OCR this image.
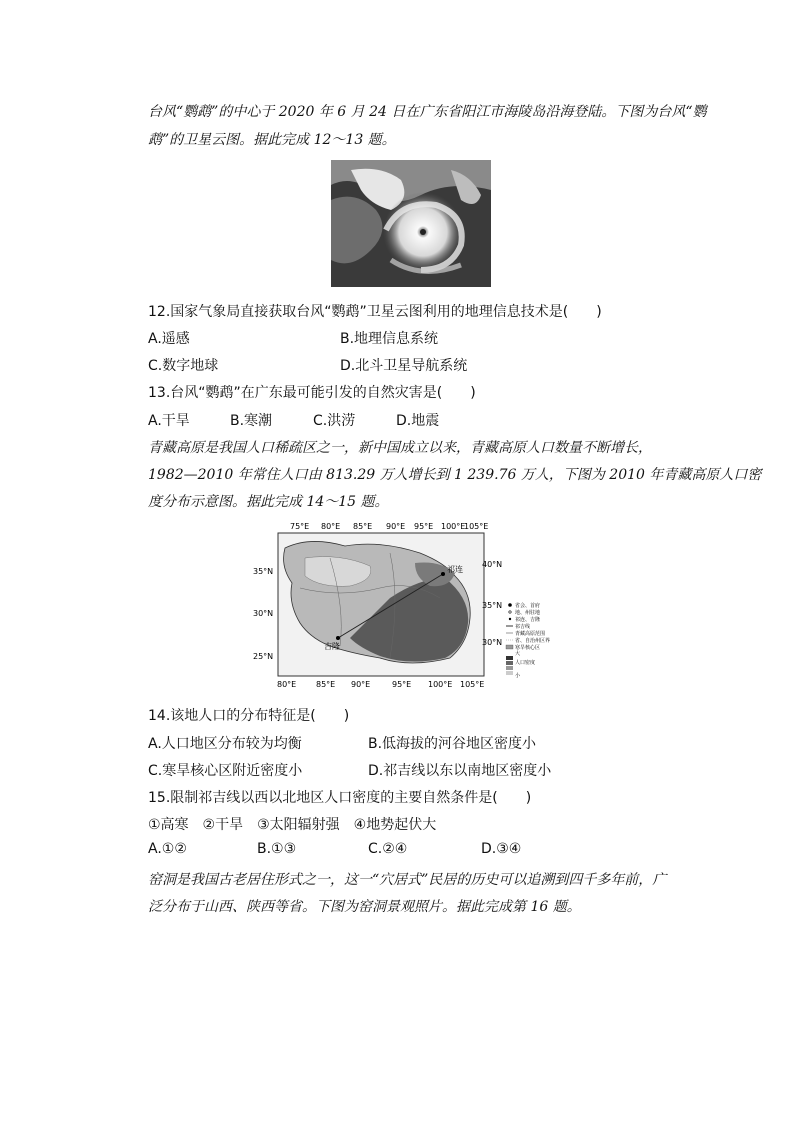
台风“鹦鹉”的中心于 2020 年 6 月 24 日在广东省阳江市海陵岛沿海登陆。下图为台风“鹦
鹉”的卫星云图。据此完成 12～13 题。
12.国家气象局直接获取台风“鹦鹉”卫星云图利用的地理信息技术是(　　)
A.遥感	B.地理信息系统
C.数字地球	D.北斗卫星导航系统
13.台风“鹦鹉”在广东最可能引发的自然灾害是(　　)
A.干旱	B.寒潮	C.洪涝	D.地震
青藏高原是我国人口稀疏区之一，新中国成立以来，青藏高原人口数量不断增长，
1982—2010 年常住人口由 813.29 万人增长到 1 239.76 万人，下图为 2010 年青藏高原人口密
度分布示意图。据此完成 14～15 题。
75°E 80°E 85°E 90°E 95°E 100°E
105°E
祁连
吉隆
35°N
30°N
25°N
40°N
35°N
30°N
80°E 85°E 90°E	95°E 100°E 105°E
省会、首府
地、州驻地
祁连、吉隆
祁吉线
青藏高原范围
省、自治州区界
寒旱核心区
大
人口密度
小
14.该地人口的分布特征是(　　)
A.人口地区分布较为均衡	B.低海拔的河谷地区密度小
C.寒旱核心区附近密度小	D.祁吉线以东以南地区密度小
15.限制祁吉线以西以北地区人口密度的主要自然条件是(　　)
①高寒　②干旱　③太阳辐射强　④地势起伏大
A.①②	B.①③	C.②④	D.③④
窑洞是我国古老居住形式之一，这一“穴居式”民居的历史可以追溯到四千多年前，广
泛分布于山西、陕西等省。下图为窑洞景观照片。据此完成第 16 题。
